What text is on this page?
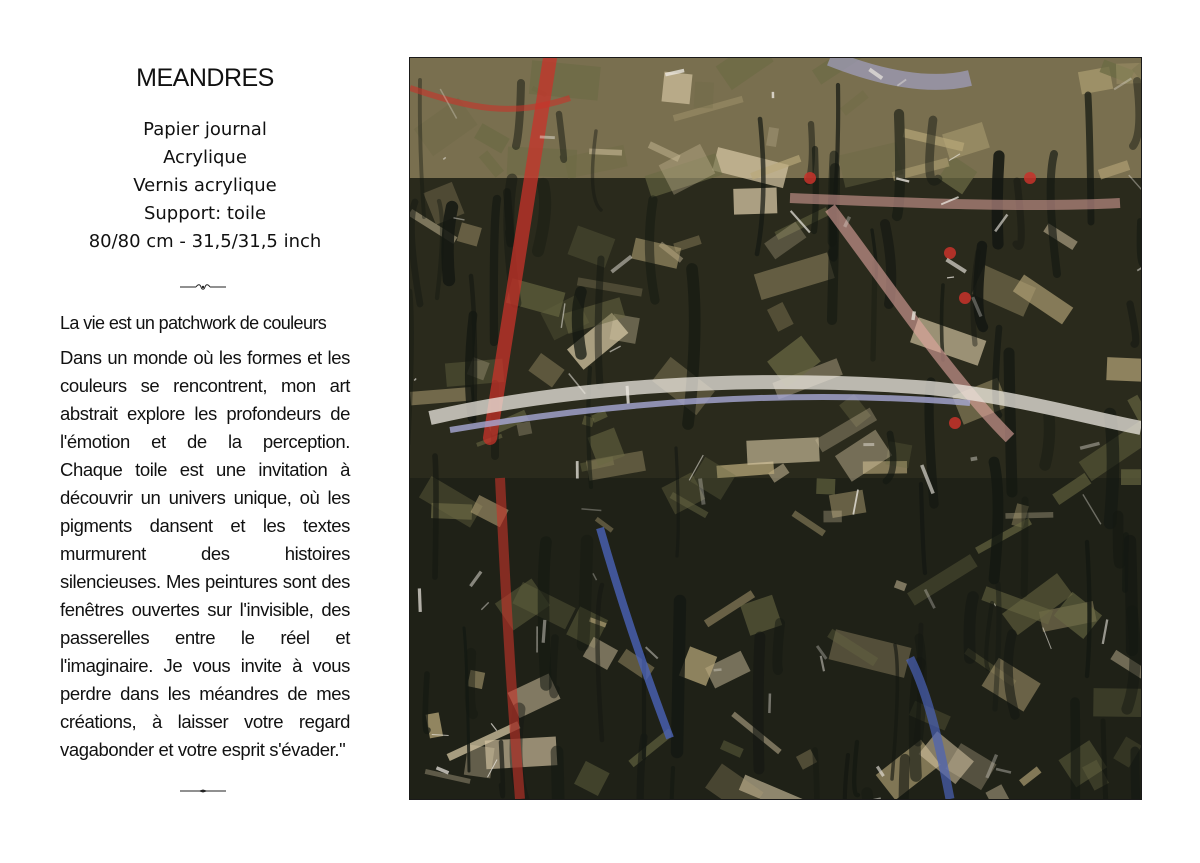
MEANDRES
Papier journal
Acrylique
Vernis acrylique
Support: toile
80/80 cm - 31,5/31,5 inch
La vie est un patchwork de couleurs
Dans un monde où les formes et les couleurs se rencontrent, mon art abstrait explore les profondeurs de l'émotion et de la perception. Chaque toile est une invitation à découvrir un univers unique, où les pigments dansent et les textes murmurent des histoires silencieuses. Mes peintures sont des fenêtres ouvertes sur l'invisible, des passerelles entre le réel et l'imaginaire. Je vous invite à vous perdre dans les méandres de mes créations, à laisser votre regard vagabonder et votre esprit s'évader."
